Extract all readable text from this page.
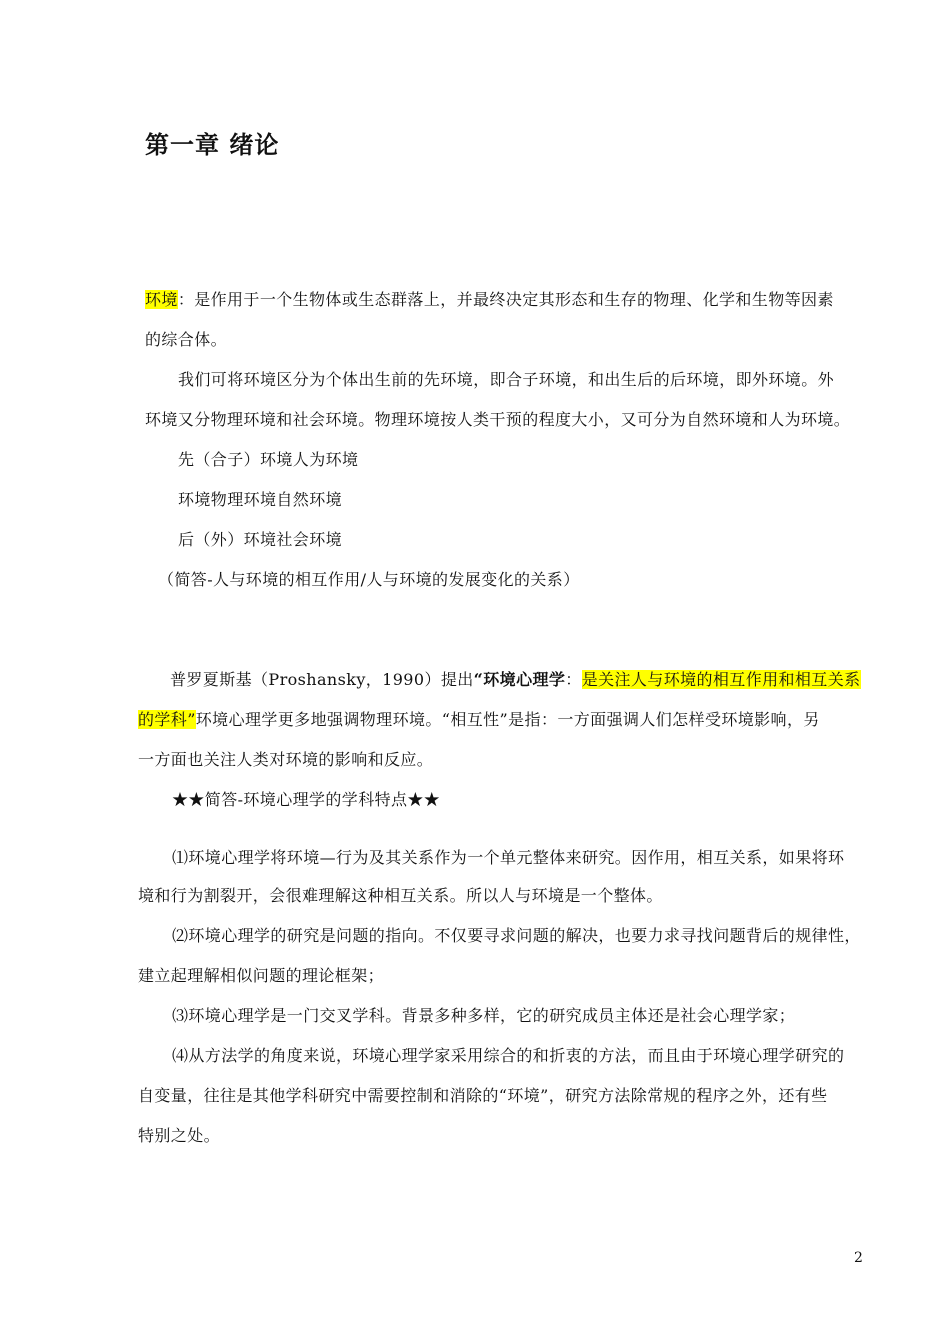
第一章 绪论
环境：是作用于一个生物体或生态群落上，并最终决定其形态和生存的物理、化学和生物等因素
的综合体。
我们可将环境区分为个体出生前的先环境，即合子环境，和出生后的后环境，即外环境。外
环境又分物理环境和社会环境。物理环境按人类干预的程度大小，又可分为自然环境和人为环境。
先（合子）环境人为环境
环境物理环境自然环境
后（外）环境社会环境
（简答-人与环境的相互作用/人与环境的发展变化的关系）
普罗夏斯基（Proshansky，1990）提出“环境心理学：是关注人与环境的相互作用和相互关系
的学科”环境心理学更多地强调物理环境。“相互性”是指：一方面强调人们怎样受环境影响，另
一方面也关注人类对环境的影响和反应。
★★简答-环境心理学的学科特点★★
⑴环境心理学将环境—行为及其关系作为一个单元整体来研究。因作用，相互关系，如果将环
境和行为割裂开，会很难理解这种相互关系。所以人与环境是一个整体。
⑵环境心理学的研究是问题的指向。不仅要寻求问题的解决，也要力求寻找问题背后的规律性，
建立起理解相似问题的理论框架；
⑶环境心理学是一门交叉学科。背景多种多样，它的研究成员主体还是社会心理学家；
⑷从方法学的角度来说，环境心理学家采用综合的和折衷的方法，而且由于环境心理学研究的
自变量，往往是其他学科研究中需要控制和消除的“环境”，研究方法除常规的程序之外，还有些
特别之处。
2
